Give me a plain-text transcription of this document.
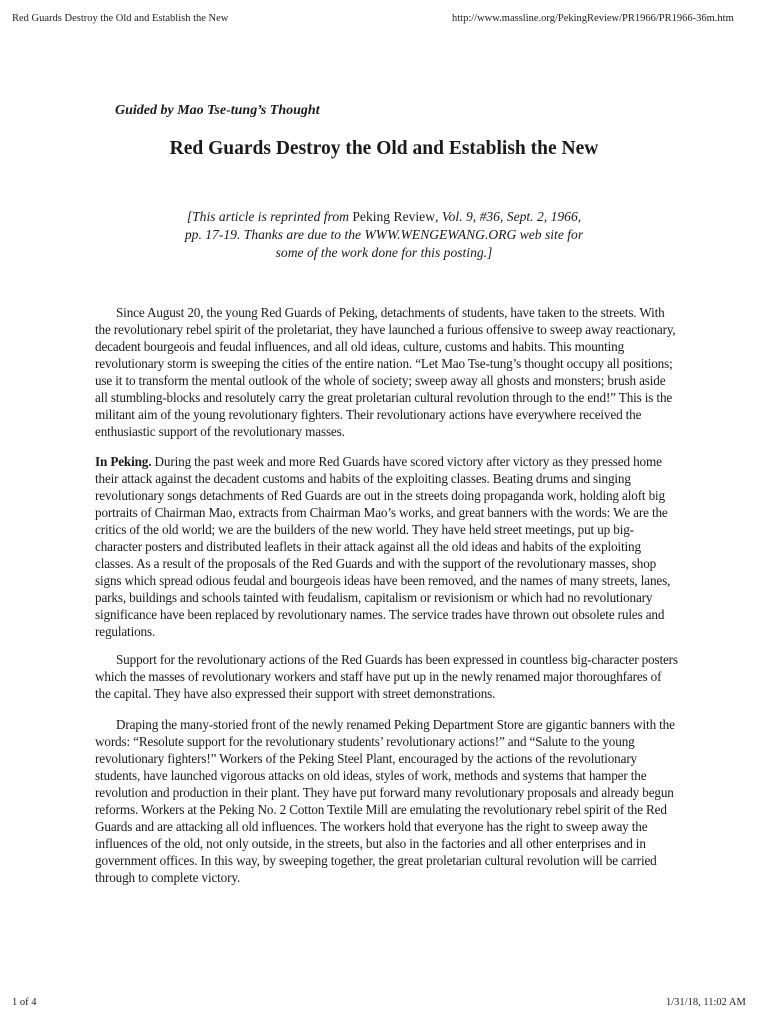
Red Guards Destroy the Old and Establish the New	http://www.massline.org/PekingReview/PR1966/PR1966-36m.htm
Guided by Mao Tse-tung’s Thought
Red Guards Destroy the Old and Establish the New
[This article is reprinted from Peking Review, Vol. 9, #36, Sept. 2, 1966, pp. 17-19. Thanks are due to the WWW.WENGEWANG.ORG web site for some of the work done for this posting.]

Since August 20, the young Red Guards of Peking, detachments of students, have taken to the streets. With the revolutionary rebel spirit of the proletariat, they have launched a furious offensive to sweep away reactionary, decadent bourgeois and feudal influences, and all old ideas, culture, customs and habits. This mounting revolutionary storm is sweeping the cities of the entire nation. “Let Mao Tse-tung’s thought occupy all positions; use it to transform the mental outlook of the whole of society; sweep away all ghosts and monsters; brush aside all stumbling-blocks and resolutely carry the great proletarian cultural revolution through to the end!” This is the militant aim of the young revolutionary fighters. Their revolutionary actions have everywhere received the enthusiastic support of the revolutionary masses.

In Peking. During the past week and more Red Guards have scored victory after victory as they pressed home their attack against the decadent customs and habits of the exploiting classes. Beating drums and singing revolutionary songs detachments of Red Guards are out in the streets doing propaganda work, holding aloft big portraits of Chairman Mao, extracts from Chairman Mao’s works, and great banners with the words: We are the critics of the old world; we are the builders of the new world. They have held street meetings, put up big-character posters and distributed leaflets in their attack against all the old ideas and habits of the exploiting classes. As a result of the proposals of the Red Guards and with the support of the revolutionary masses, shop signs which spread odious feudal and bourgeois ideas have been removed, and the names of many streets, lanes, parks, buildings and schools tainted with feudalism, capitalism or revisionism or which had no revolutionary significance have been replaced by revolutionary names. The service trades have thrown out obsolete rules and regulations.

Support for the revolutionary actions of the Red Guards has been expressed in countless big-character posters which the masses of revolutionary workers and staff have put up in the newly renamed major thoroughfares of the capital. They have also expressed their support with street demonstrations.

Draping the many-storied front of the newly renamed Peking Department Store are gigantic banners with the words: “Resolute support for the revolutionary students’ revolutionary actions!” and “Salute to the young revolutionary fighters!” Workers of the Peking Steel Plant, encouraged by the actions of the revolutionary students, have launched vigorous attacks on old ideas, styles of work, methods and systems that hamper the revolution and production in their plant. They have put forward many revolutionary proposals and already begun reforms. Workers at the Peking No. 2 Cotton Textile Mill are emulating the revolutionary rebel spirit of the Red Guards and are attacking all old influences. The workers hold that everyone has the right to sweep away the influences of the old, not only outside, in the streets, but also in the factories and all other enterprises and in government offices. In this way, by sweeping together, the great proletarian cultural revolution will be carried through to complete victory.

1 of 4	1/31/18, 11:02 AM
